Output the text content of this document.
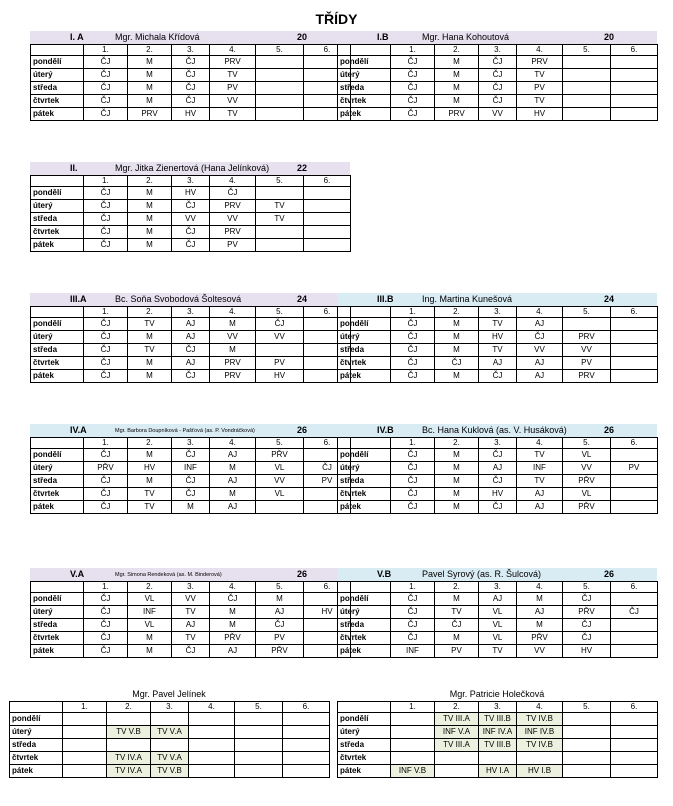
TŘÍDY
I. A	Mgr. Michala Křídová	20
	1.	2.	3.	4.	5.	6.
pondělí	ČJ	M	ČJ	PRV		
úterý	ČJ	M	ČJ	TV		
středa	ČJ	M	ČJ	PV		
čtvrtek	ČJ	M	ČJ	VV		
pátek	ČJ	PRV	HV	TV		
I.B	Mgr. Hana Kohoutová	20
	1.	2.	3.	4.	5.	6.
pondělí	ČJ	M	ČJ	PRV		
úterý	ČJ	M	ČJ	TV		
středa	ČJ	M	ČJ	PV		
čtvrtek	ČJ	M	ČJ	TV		
pátek	ČJ	PRV	VV	HV		
II.	Mgr. Jitka Zienertová (Hana Jelínková)	22
	1.	2.	3.	4.	5.	6.
pondělí	ČJ	M	HV	ČJ		
úterý	ČJ	M	ČJ	PRV	TV	
středa	ČJ	M	VV	VV	TV	
čtvrtek	ČJ	M	ČJ	PRV		
pátek	ČJ	M	ČJ	PV		
III.A	Bc. Soňa Svobodová Šoltesová	24
	1.	2.	3.	4.	5.	6.
pondělí	ČJ	TV	AJ	M	ČJ	
úterý	ČJ	M	AJ	VV	VV	
středa	ČJ	TV	ČJ	M		
čtvrtek	ČJ	M	AJ	PRV	PV	
pátek	ČJ	M	ČJ	PRV	HV	
III.B	Ing. Martina Kunešová	24
	1.	2.	3.	4.	5.	6.
pondělí	ČJ	M	TV	AJ		
úterý	ČJ	M	HV	ČJ	PRV	
středa	ČJ	M	TV	VV	VV	
čtvrtek	ČJ	ČJ	AJ	AJ	PV	
pátek	ČJ	M	ČJ	AJ	PRV	
IV.A	Mgr. Barbora Doupníková - Pašťová (as. P. Vondráčková)	26
	1.	2.	3.	4.	5.	6.
pondělí	ČJ	M	ČJ	AJ	PŘV	
úterý	PŘV	HV	INF	M	VL	ČJ
středa	ČJ	M	ČJ	AJ	VV	PV
čtvrtek	ČJ	TV	ČJ	M	VL	
pátek	ČJ	TV	M	AJ		
IV.B	Bc. Hana Kuklová (as. V. Husáková)	26
	1.	2.	3.	4.	5.	6.
pondělí	ČJ	M	ČJ	TV	VL	
úterý	ČJ	M	AJ	INF	VV	PV
středa	ČJ	M	ČJ	TV	PŘV	
čtvrtek	ČJ	M	HV	AJ	VL	
pátek	ČJ	M	ČJ	AJ	PŘV	
V.A	Mgr. Simona Rendeková (as. M. Binderová)	26
	1.	2.	3.	4.	5.	6.
pondělí	ČJ	VL	VV	ČJ	M	
úterý	ČJ	INF	TV	M	AJ	HV
středa	ČJ	VL	AJ	M	ČJ	
čtvrtek	ČJ	M	TV	PŘV	PV	
pátek	ČJ	M	ČJ	AJ	PŘV	
V.B	Pavel Syrový (as. R. Šulcová)	26
	1.	2.	3.	4.	5.	6.
pondělí	ČJ	M	AJ	M	ČJ	
úterý	ČJ	TV	VL	AJ	PŘV	ČJ
středa	ČJ	ČJ	VL	M	ČJ	
čtvrtek	ČJ	M	VL	PŘV	ČJ	
pátek	INF	PV	TV	VV	HV	
Mgr. Pavel Jelínek
	1.	2.	3.	4.	5.	6.
pondělí						
úterý		TV V.B	TV V.A			
středa						
čtvrtek		TV IV.A	TV V.A			
pátek		TV IV.A	TV V.B			
Mgr. Patricie Holečková
	1.	2.	3.	4.	5.	6.
pondělí		TV III.A	TV III.B	TV IV.B		
úterý		INF V.A	INF IV.A	INF IV.B		
středa		TV III.A	TV III.B	TV IV.B		
čtvrtek						
pátek	INF V.B		HV I.A	HV I.B		
